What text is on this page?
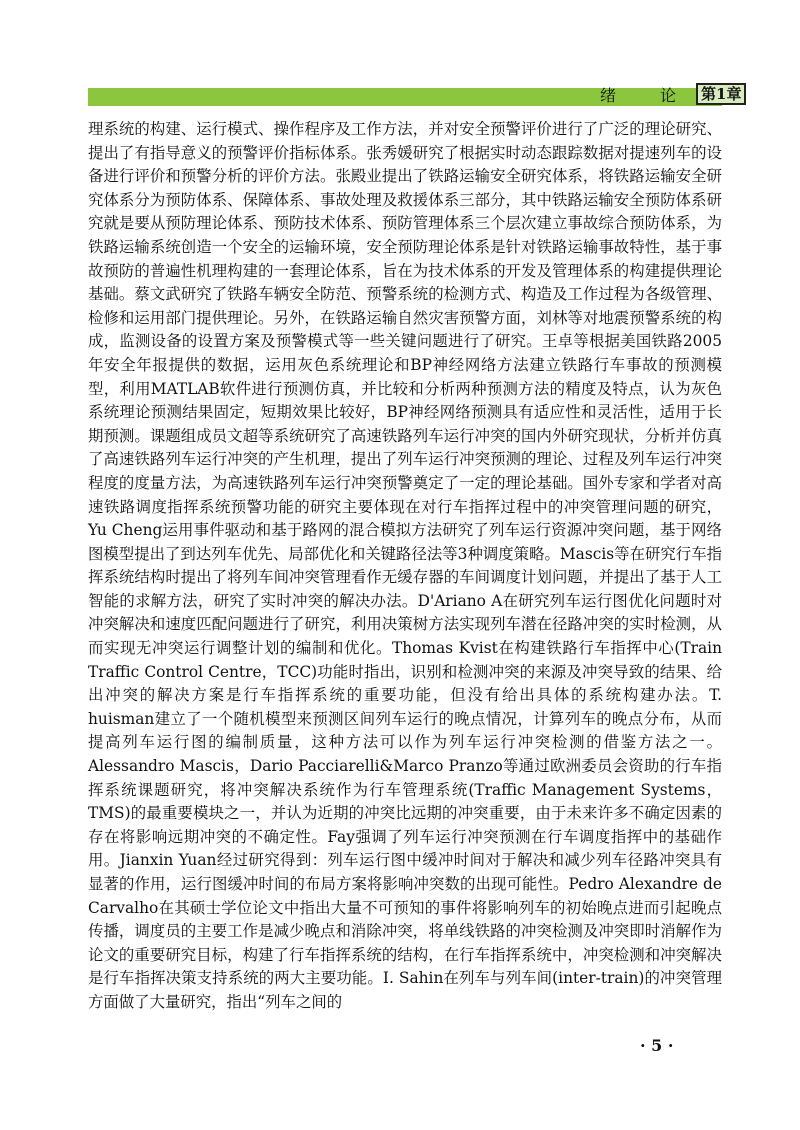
绪　论 第1章

理系统的构建、运行模式、操作程序及工作方法，并对安全预警评价进行了广泛的理论研究、提出了有指导意义的预警评价指标体系。张秀媛研究了根据实时动态跟踪数据对提速列车的设备进行评价和预警分析的评价方法。张殿业提出了铁路运输安全研究体系，将铁路运输安全研究体系分为预防体系、保障体系、事故处理及救援体系三部分，其中铁路运输安全预防体系研究就是要从预防理论体系、预防技术体系、预防管理体系三个层次建立事故综合预防体系，为铁路运输系统创造一个安全的运输环境，安全预防理论体系是针对铁路运输事故特性，基于事故预防的普遍性机理构建的一套理论体系，旨在为技术体系的开发及管理体系的构建提供理论基础。蔡文武研究了铁路车辆安全防范、预警系统的检测方式、构造及工作过程为各级管理、检修和运用部门提供理论。另外，在铁路运输自然灾害预警方面，刘林等对地震预警系统的构成，监测设备的设置方案及预警模式等一些关键问题进行了研究。王卓等根据美国铁路2005年安全年报提供的数据，运用灰色系统理论和BP神经网络方法建立铁路行车事故的预测模型，利用MATLAB软件进行预测仿真，并比较和分析两种预测方法的精度及特点，认为灰色系统理论预测结果固定，短期效果比较好，BP神经网络预测具有适应性和灵活性，适用于长期预测。课题组成员文超等系统研究了高速铁路列车运行冲突的国内外研究现状，分析并仿真了高速铁路列车运行冲突的产生机理，提出了列车运行冲突预测的理论、过程及列车运行冲突程度的度量方法，为高速铁路列车运行冲突预警奠定了一定的理论基础。国外专家和学者对高速铁路调度指挥系统预警功能的研究主要体现在对行车指挥过程中的冲突管理问题的研究，Yu Cheng运用事件驱动和基于路网的混合模拟方法研究了列车运行资源冲突问题，基于网络图模型提出了到达列车优先、局部优化和关键路径法等3种调度策略。Mascis等在研究行车指挥系统结构时提出了将列车间冲突管理看作无缓存器的车间调度计划问题，并提出了基于人工智能的求解方法，研究了实时冲突的解决办法。D'Ariano A在研究列车运行图优化问题时对冲突解决和速度匹配问题进行了研究，利用决策树方法实现列车潜在径路冲突的实时检测，从而实现无冲突运行调整计划的编制和优化。Thomas Kvist在构建铁路行车指挥中心(Train Traffic Control Centre，TCC)功能时指出，识别和检测冲突的来源及冲突导致的结果、给出冲突的解决方案是行车指挥系统的重要功能，但没有给出具体的系统构建办法。T. huisman建立了一个随机模型来预测区间列车运行的晚点情况，计算列车的晚点分布，从而提高列车运行图的编制质量，这种方法可以作为列车运行冲突检测的借鉴方法之一。Alessandro Mascis，Dario Pacciarelli&Marco Pranzo等通过欧洲委员会资助的行车指挥系统课题研究，将冲突解决系统作为行车管理系统(Traffic Management Systems，TMS)的最重要模块之一，并认为近期的冲突比远期的冲突重要，由于未来许多不确定因素的存在将影响远期冲突的不确定性。Fay强调了列车运行冲突预测在行车调度指挥中的基础作用。Jianxin Yuan经过研究得到：列车运行图中缓冲时间对于解决和减少列车径路冲突具有显著的作用，运行图缓冲时间的布局方案将影响冲突数的出现可能性。Pedro Alexandre de Carvalho在其硕士学位论文中指出大量不可预知的事件将影响列车的初始晚点进而引起晚点传播，调度员的主要工作是减少晚点和消除冲突，将单线铁路的冲突检测及冲突即时消解作为论文的重要研究目标，构建了行车指挥系统的结构，在行车指挥系统中，冲突检测和冲突解决是行车指挥决策支持系统的两大主要功能。I. Sahin在列车与列车间(inter-train)的冲突管理方面做了大量研究，指出“列车之间的

· 5 ·
